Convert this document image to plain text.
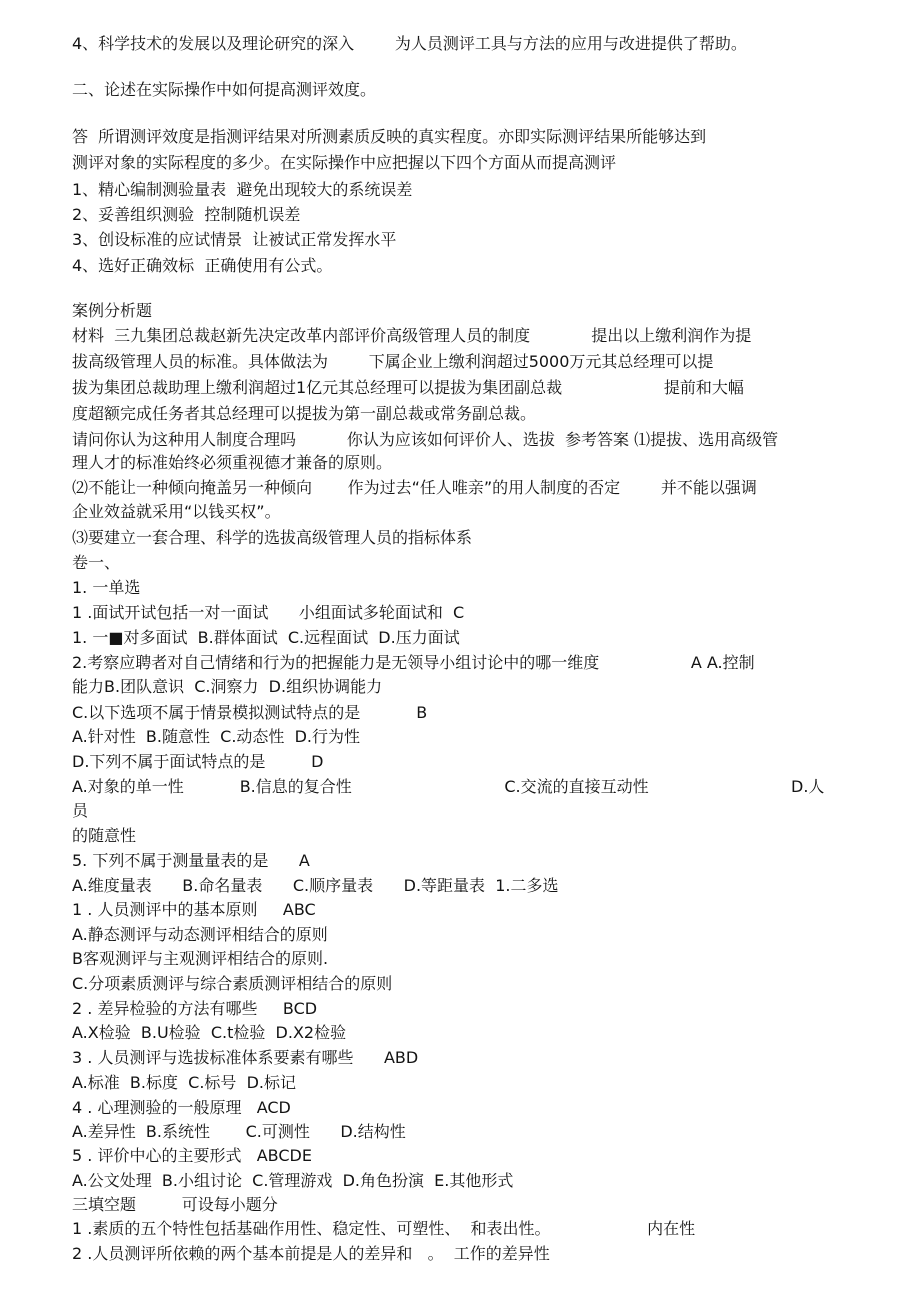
4、科学技术的发展以及理论研究的深入        为人员测评工具与方法的应用与改进提供了帮助。
二、论述在实际操作中如何提高测评效度。
答  所谓测评效度是指测评结果对所测素质反映的真实程度。亦即实际测评结果所能够达到
测评对象的实际程度的多少。在实际操作中应把握以下四个方面从而提高测评
1、精心编制测验量表  避免出现较大的系统误差
2、妥善组织测验  控制随机误差
3、创设标准的应试情景  让被试正常发挥水平
4、选好正确效标  正确使用有公式。
案例分析题
材料  三九集团总裁赵新先决定改革内部评价高级管理人员的制度            提出以上缴利润作为提
拔高级管理人员的标准。具体做法为        下属企业上缴利润超过5000万元其总经理可以提
拔为集团总裁助理上缴利润超过1亿元其总经理可以提拔为集团副总裁                    提前和大幅
度超额完成任务者其总经理可以提拔为第一副总裁或常务副总裁。
请问你认为这种用人制度合理吗          你认为应该如何评价人、选拔  参考答案 ⑴提拔、选用高级管
理人才的标准始终必须重视德才兼备的原则。
⑵不能让一种倾向掩盖另一种倾向       作为过去“任人唯亲”的用人制度的否定        并不能以强调
企业效益就采用“以钱买权”。
⑶要建立一套合理、科学的选拔高级管理人员的指标体系
卷一、
1. 一单选
1 .面试开试包括一对一面试      小组面试多轮面试和  C
1. 一■对多面试  B.群体面试  C.远程面试  D.压力面试
2.考察应聘者对自己情绪和行为的把握能力是无领导小组讨论中的哪一维度                  A A.控制
能力B.团队意识  C.洞察力  D.组织协调能力
C.以下选项不属于情景模拟测试特点的是           B
A.针对性  B.随意性  C.动态性  D.行为性
D.下列不属于面试特点的是         D
A.对象的单一性           B.信息的复合性                              C.交流的直接互动性                            D.人
员
的随意性
5. 下列不属于测量量表的是      A
A.维度量表      B.命名量表      C.顺序量表      D.等距量表  1.二多选
1 . 人员测评中的基本原则     ABC
A.静态测评与动态测评相结合的原则
B客观测评与主观测评相结合的原则.
C.分项素质测评与综合素质测评相结合的原则
2 . 差异检验的方法有哪些     BCD
A.X检验  B.U检验  C.t检验  D.X2检验
3 . 人员测评与选拔标准体系要素有哪些      ABD
A.标准  B.标度  C.标号  D.标记
4 . 心理测验的一般原理   ACD
A.差异性  B.系统性       C.可测性      D.结构性
5 . 评价中心的主要形式   ABCDE
A.公文处理  B.小组讨论  C.管理游戏  D.角色扮演  E.其他形式
三填空题         可设每小题分
1 .素质的五个特性包括基础作用性、稳定性、可塑性、  和表出性。                   内在性
2 .人员测评所依赖的两个基本前提是人的差异和   。  工作的差异性
